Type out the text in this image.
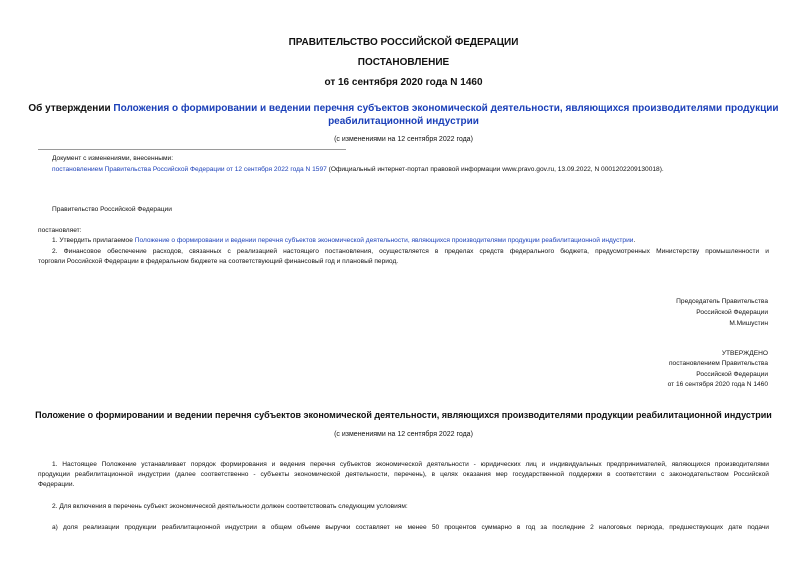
ПРАВИТЕЛЬСТВО РОССИЙСКОЙ ФЕДЕРАЦИИ
ПОСТАНОВЛЕНИЕ
от 16 сентября 2020 года N 1460
Об утверждении Положения о формировании и ведении перечня субъектов экономической деятельности, являющихся производителями продукции
реабилитационной индустрии
(с изменениями на 12 сентября 2022 года)
Документ с изменениями, внесенными:
постановлением Правительства Российской Федерации от 12 сентября 2022 года N 1597 (Официальный интернет-портал правовой информации www.pravo.gov.ru, 13.09.2022, N 0001202209130018).
Правительство Российской Федерации
постановляет:
1. Утвердить прилагаемое Положение о формировании и ведении перечня субъектов экономической деятельности, являющихся производителями продукции реабилитационной индустрии.
2. Финансовое обеспечение расходов, связанных с реализацией настоящего постановления, осуществляется в пределах средств федерального бюджета, предусмотренных Министерству промышленности и
торговли Российской Федерации в федеральном бюджете на соответствующий финансовый год и плановый период.
Председатель Правительства
Российской Федерации
М.Мишустин
УТВЕРЖДЕНО
постановлением Правительства
Российской Федерации
от 16 сентября 2020 года N 1460
Положение о формировании и ведении перечня субъектов экономической деятельности, являющихся производителями продукции реабилитационной индустрии
(с изменениями на 12 сентября 2022 года)
1. Настоящее Положение устанавливает порядок формирования и ведения перечня субъектов экономической деятельности - юридических лиц и индивидуальных предпринимателей, являющихся производителями
продукции реабилитационной индустрии (далее соответственно - субъекты экономической деятельности, перечень), в целях оказания мер государственной поддержки в соответствии с законодательством Российской
Федерации.
2. Для включения в перечень субъект экономической деятельности должен соответствовать следующим условиям:
а) доля реализации продукции реабилитационной индустрии в общем объеме выручки составляет не менее 50 процентов суммарно в год за последние 2 налоговых периода, предшествующих дате подачи
